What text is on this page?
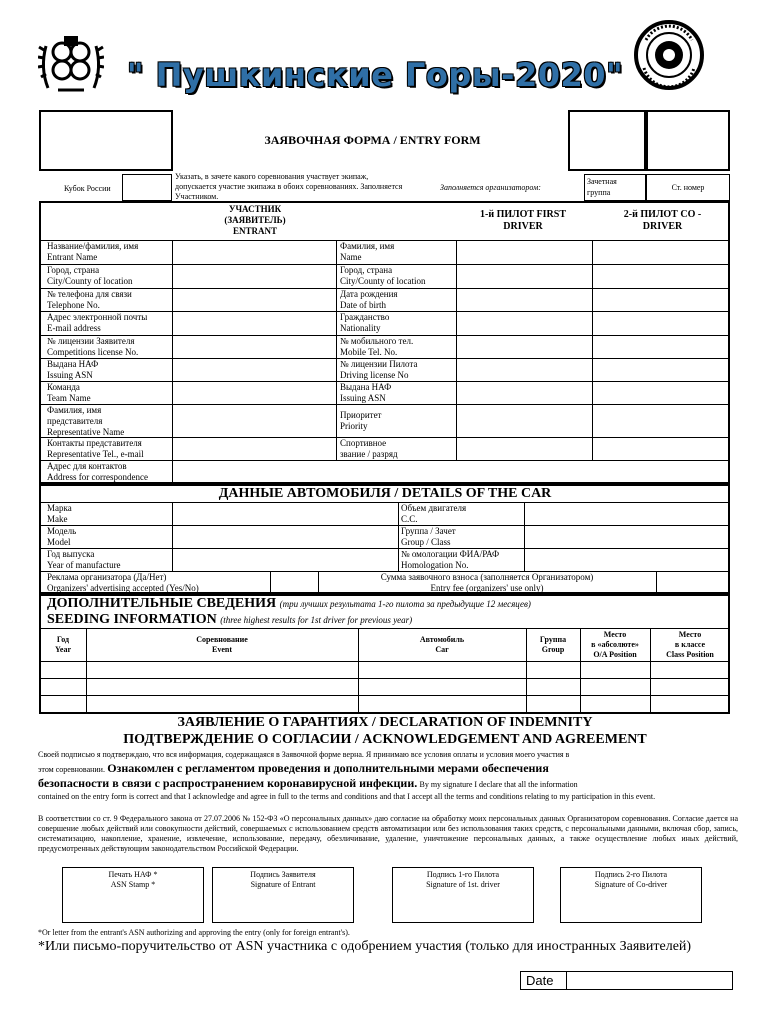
" Пушкинские Горы-2020"
ЗАЯВОЧНАЯ ФОРМА / ENTRY FORM
Кубок России
Указать, в зачете какого соревнования участвует экипаж, допускается участие экипажа в обоих соревнованиях. Заполняется Участником.
Заполняется организатором:
Зачетная группа
Ст. номер
УЧАСТНИК (ЗАЯВИТЕЛЬ) ENTRANT
1-й ПИЛОТ FIRST DRIVER
2-й ПИЛОТ CO - DRIVER
Название/фамилия, имя
Entrant Name
Город, страна
City/County of location
№ телефона для связи
Telephone No.
Адрес электронной почты
E-mail address
№ лицензии Заявителя
Competitions license No.
Выдана НАФ
Issuing ASN
Команда
Team Name
Фамилия, имя
представителя
Representative Name
Контакты представителя
Representative Tel., e-mail
Адрес для контактов
Address for correspondence
Фамилия, имя
Name
Город, страна
City/County of location
Дата рождения
Date of birth
Гражданство
Nationality
№ мобильного тел.
Mobile Tel. No.
№ лицензии Пилота
Driving license No
Выдана НАФ
Issuing ASN
Приоритет
Priority
Спортивное
звание / разряд
ДАННЫЕ АВТОМОБИЛЯ / DETAILS OF THE CAR
Марка
Make
Модель
Model
Год выпуска
Year of manufacture
Объем двигателя
C.C.
Группа / Зачет
Group / Class
№ омологации ФИА/РАФ
Homologation No.
Реклама организатора (Да/Нет)
Organizers' advertising accepted (Yes/No)
Сумма заявочного взноса (заполняется Организатором)
Entry fee (organizers' use only)
ДОПОЛНИТЕЛЬНЫЕ СВЕДЕНИЯ (три лучших результата 1-го пилота за предыдущие 12 месяцев)
SEEDING INFORMATION (three highest results for 1st driver for previous year)
Год
Year
Соревнование
Event
Автомобиль
Car
Группа
Group
Место
в «абсолюте»
O/A Position
Место
в классе
Class Position
ЗАЯВЛЕНИЕ О ГАРАНТИЯХ / DECLARATION OF INDEMNITY
ПОДТВЕРЖДЕНИЕ О СОГЛАСИИ / ACKNOWLEDGEMENT AND AGREEMENT
Своей подписью я подтверждаю, что вся информация, содержащаяся в Заявочной форме верна. Я принимаю все условия оплаты и условия моего участия в
этом соревновании. Ознакомлен с регламентом проведения и дополнительными мерами обеспечения
безопасности в связи с распространением коронавирусной инфекции. By my signature I declare that all the information
contained on the entry form is correct and that I acknowledge and agree in full to the terms and conditions and that I accept all the terms and conditions relating to my participation in this event.
В соответствии со ст. 9 Федерального закона от 27.07.2006 № 152-ФЗ «О персональных данных» даю согласие на обработку моих персональных данных Организатором соревнования. Согласие дается на совершение любых действий или совокупности действий, совершаемых с использованием средств автоматизации или без использования таких средств, с персональными данными, включая сбор, запись, систематизацию, накопление, хранение, извлечение, использование, передачу, обезличивание, удаление, уничтожение персональных данных, а также осуществление любых иных действий, предусмотренных действующим законодательством Российской Федерации.
Печать НАФ *
ASN Stamp *
Подпись Заявителя
Signature of Entrant
Подпись 1-го Пилота
Signature of 1st. driver
Подпись 2-го Пилота
Signature of Co-driver
*Or letter from the entrant's ASN authorizing and approving the entry (only for foreign entrant's).
*Или письмо-поручительство от ASN участника с одобрением участия (только для иностранных Заявителей)
Date
